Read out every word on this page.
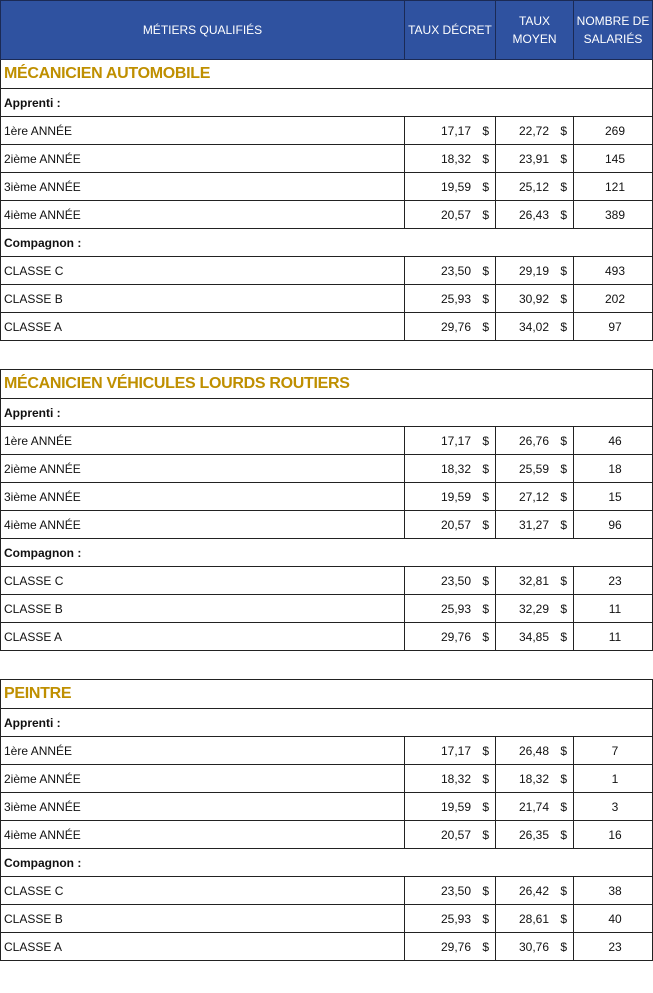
MÉTIERS QUALIFIÉS	TAUX DÉCRET	TAUX MOYEN	NOMBRE DE SALARIÉS
MÉCANICIEN AUTOMOBILE			
Apprenti :			
1ère ANNÉE	17,17 $	22,72 $	269
2ième ANNÉE	18,32 $	23,91 $	145
3ième ANNÉE	19,59 $	25,12 $	121
4ième ANNÉE	20,57 $	26,43 $	389
Compagnon :			
CLASSE C	23,50 $	29,19 $	493
CLASSE B	25,93 $	30,92 $	202
CLASSE A	29,76 $	34,02 $	97

MÉCANICIEN VÉHICULES LOURDS ROUTIERS			
Apprenti :			
1ère ANNÉE	17,17 $	26,76 $	46
2ième ANNÉE	18,32 $	25,59 $	18
3ième ANNÉE	19,59 $	27,12 $	15
4ième ANNÉE	20,57 $	31,27 $	96
Compagnon :			
CLASSE C	23,50 $	32,81 $	23
CLASSE B	25,93 $	32,29 $	11
CLASSE A	29,76 $	34,85 $	11

PEINTRE			
Apprenti :			
1ère ANNÉE	17,17 $	26,48 $	7
2ième ANNÉE	18,32 $	18,32 $	1
3ième ANNÉE	19,59 $	21,74 $	3
4ième ANNÉE	20,57 $	26,35 $	16
Compagnon :			
CLASSE C	23,50 $	26,42 $	38
CLASSE B	25,93 $	28,61 $	40
CLASSE A	29,76 $	30,76 $	23
